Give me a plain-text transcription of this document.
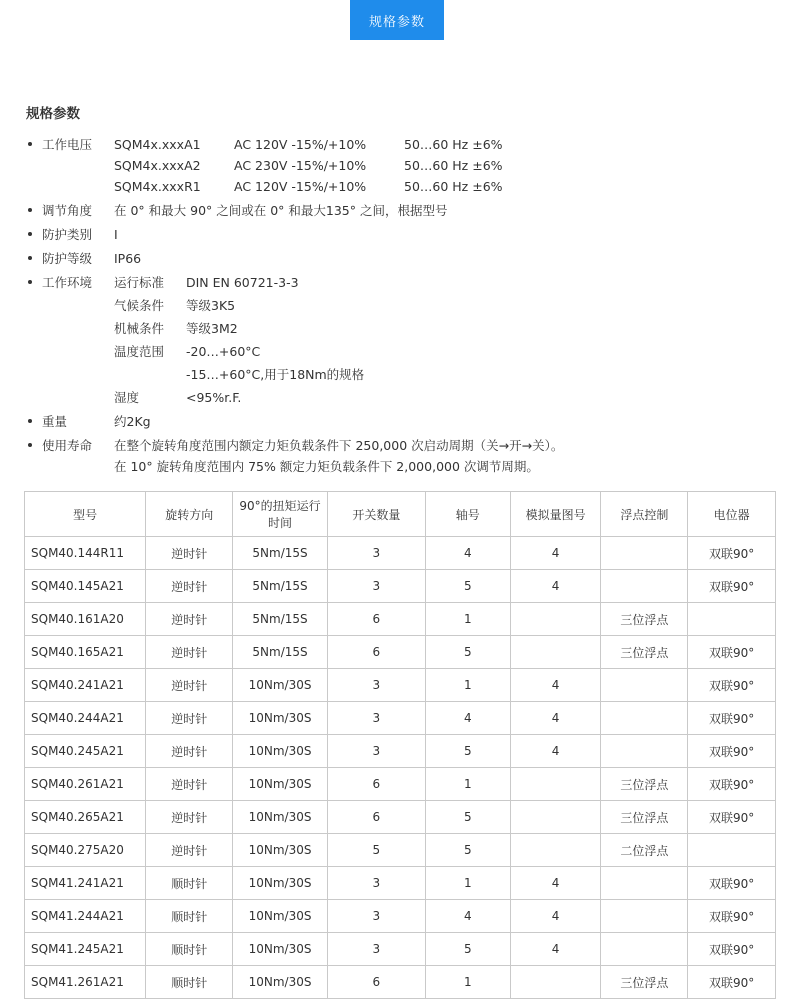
规格参数
规格参数
工作电压	SQM4x.xxxA1	AC 120V -15%/+10%	50…60 Hz ±6%
SQM4x.xxxA2	AC 230V -15%/+10%	50…60 Hz ±6%
SQM4x.xxxR1	AC 120V -15%/+10%	50…60 Hz ±6%
调节角度	在 0° 和最大 90° 之间或在 0° 和最大135° 之间，根据型号
防护类别	I
防护等级	IP66
工作环境	运行标准	DIN EN 60721-3-3
气候条件	等级3K5
机械条件	等级3M2
温度范围	-20…+60°C
-15…+60°C,用于18Nm的规格
湿度	<95%r.F.
重量	约2Kg
使用寿命	在整个旋转角度范围内额定力矩负载条件下 250,000 次启动周期（关→开→关）。
在 10° 旋转角度范围内 75% 额定力矩负载条件下 2,000,000 次调节周期。
型号	旋转方向	90°的扭矩运行时间	开关数量	轴号	模拟量图号	浮点控制	电位器
SQM40.144R11	逆时针	5Nm/15S	3	4	4		双联90°
SQM40.145A21	逆时针	5Nm/15S	3	5	4		双联90°
SQM40.161A20	逆时针	5Nm/15S	6	1		三位浮点	
SQM40.165A21	逆时针	5Nm/15S	6	5		三位浮点	双联90°
SQM40.241A21	逆时针	10Nm/30S	3	1	4		双联90°
SQM40.244A21	逆时针	10Nm/30S	3	4	4		双联90°
SQM40.245A21	逆时针	10Nm/30S	3	5	4		双联90°
SQM40.261A21	逆时针	10Nm/30S	6	1		三位浮点	双联90°
SQM40.265A21	逆时针	10Nm/30S	6	5		三位浮点	双联90°
SQM40.275A20	逆时针	10Nm/30S	5	5		二位浮点	
SQM41.241A21	顺时针	10Nm/30S	3	1	4		双联90°
SQM41.244A21	顺时针	10Nm/30S	3	4	4		双联90°
SQM41.245A21	顺时针	10Nm/30S	3	5	4		双联90°
SQM41.261A21	顺时针	10Nm/30S	6	1		三位浮点	双联90°
